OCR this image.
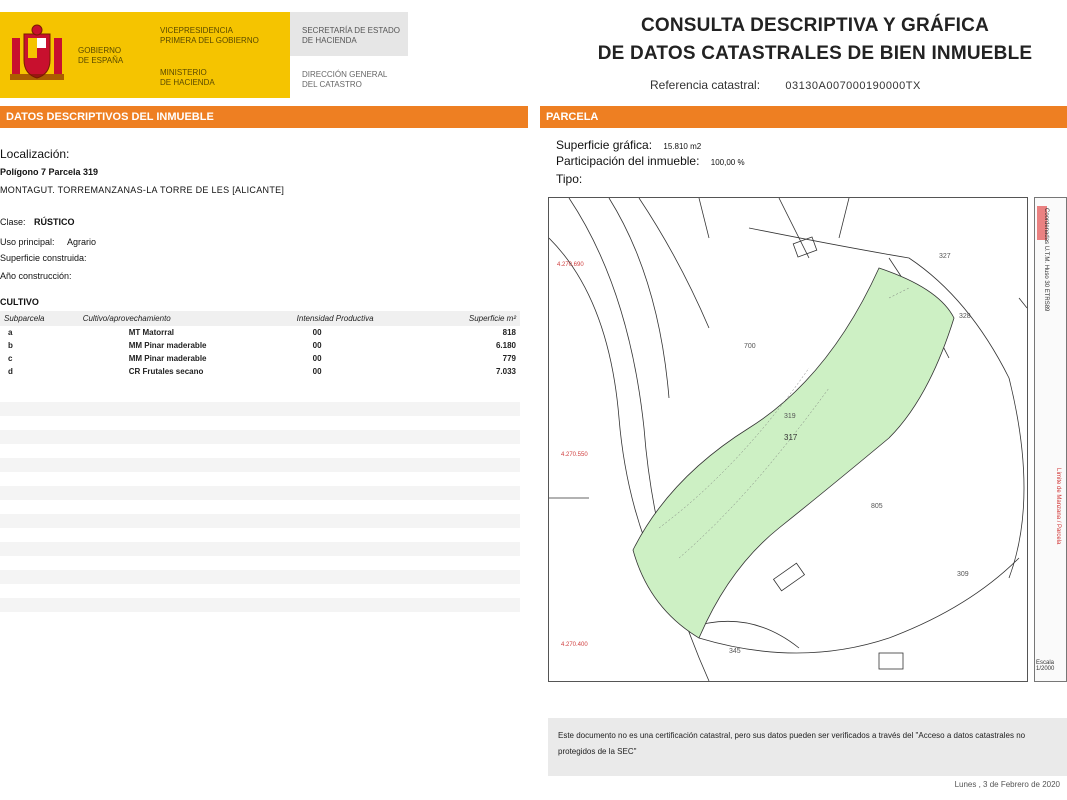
GOBIERNO
DE ESPAÑA
VICEPRESIDENCIA
PRIMERA DEL GOBIERNO
MINISTERIO
DE HACIENDA
SECRETARÍA DE ESTADO
DE HACIENDA
DIRECCIÓN GENERAL
DEL CATASTRO
CONSULTA DESCRIPTIVA Y GRÁFICA
DE DATOS CATASTRALES DE BIEN INMUEBLE
Referencia catastral: 03130A007000190000TX
DATOS DESCRIPTIVOS DEL INMUEBLE	PARCELA
Localización:
Polígono 7 Parcela 319
MONTAGUT. TORREMANZANAS-LA TORRE DE LES [ALICANTE]
Clase: RÚSTICO
Uso principal: Agrario
Superficie construida:
Año construcción:
CULTIVO
Subparcela	Cultivo/aprovechamiento	Intensidad Productiva	Superficie m²
a	MT Matorral	00	818
b	MM Pinar maderable	00	6.180
c	MM Pinar maderable	00	779
d	CR Frutales secano	00	7.033
Superficie gráfica: 15.810 m2
Participación del inmueble: 100,00 %
Tipo:
327
328
700
319
317
805
309
345
4.270.690
4.270.550
4.270.400
Coordenadas U.T.M. Huso 30 ETRS89
Límite de Manzana / Parcela
Escala
1/2000
Este documento no es una certificación catastral, pero sus datos pueden ser verificados a través del "Acceso a datos catastrales no protegidos de la SEC"
Lunes , 3 de Febrero de 2020
